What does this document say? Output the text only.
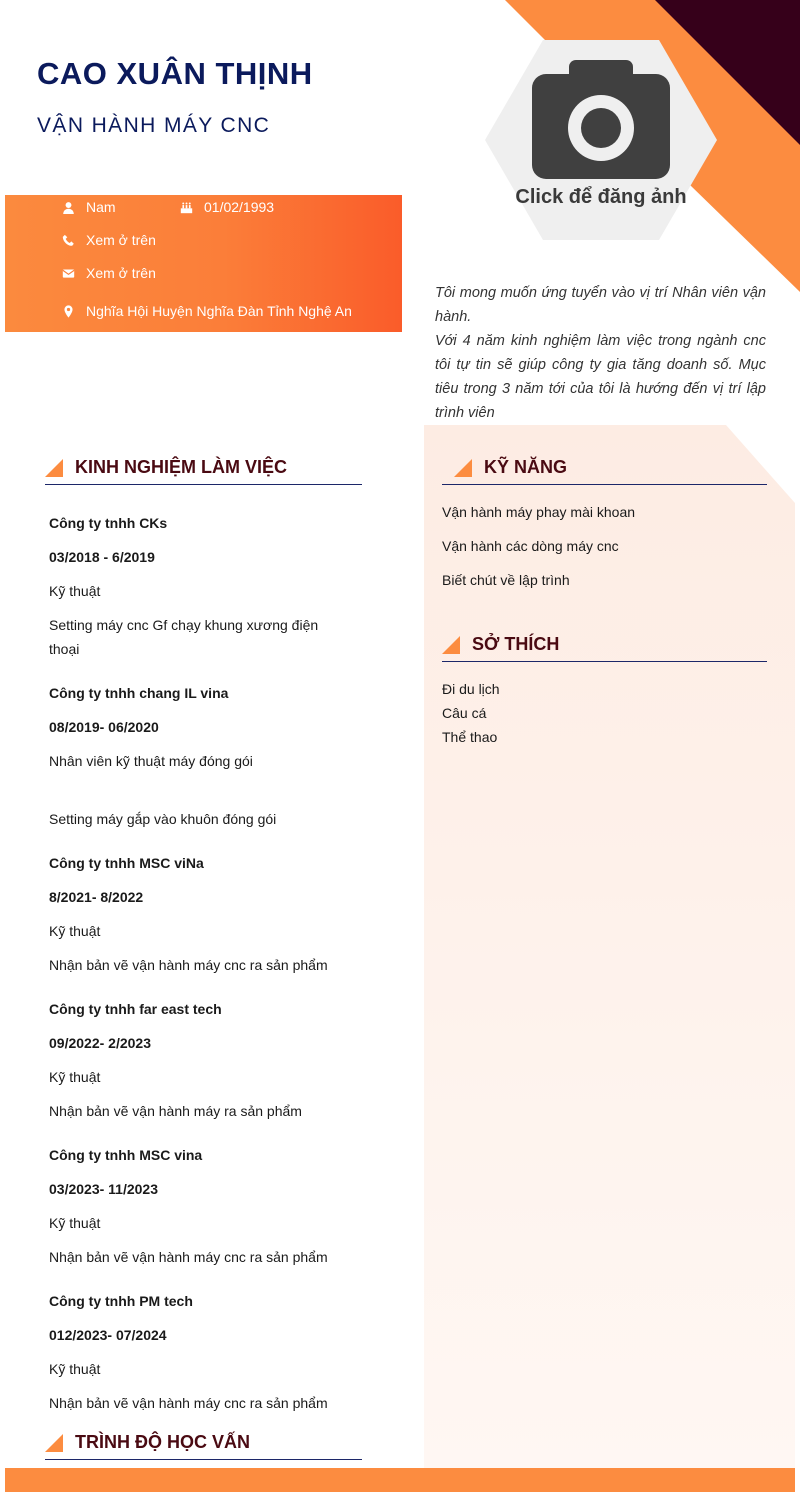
CAO XUÂN THỊNH
VẬN HÀNH MÁY CNC
Click để đăng ảnh
Nam	01/02/1993
Xem ở trên
Xem ở trên
Nghĩa Hội Huyện Nghĩa Đàn Tỉnh Nghệ An
Tôi mong muốn ứng tuyển vào vị trí Nhân viên vận hành.
Với 4 năm kinh nghiệm làm việc trong ngành cnc tôi tự tin sẽ giúp công ty gia tăng doanh số. Mục tiêu trong 3 năm tới của tôi là hướng đến vị trí lập trình viên
KINH NGHIỆM LÀM VIỆC
Công ty tnhh CKs
03/2018 - 6/2019
Kỹ thuật
Setting máy cnc Gf chạy khung xương điện thoại
Công ty tnhh chang IL vina
08/2019- 06/2020
Nhân viên kỹ thuật máy đóng gói
Setting máy gắp vào khuôn đóng gói
Công ty tnhh MSC viNa
8/2021- 8/2022
Kỹ thuật
Nhận bản vẽ vận hành máy cnc ra sản phẩm
Công ty tnhh far east tech
09/2022- 2/2023
Kỹ thuật
Nhận bản vẽ vận hành máy ra sản phẩm
Công ty tnhh MSC vina
03/2023- 11/2023
Kỹ thuật
Nhận bản vẽ vận hành máy cnc ra sản phẩm
Công ty tnhh PM tech
012/2023- 07/2024
Kỹ thuật
Nhận bản vẽ vận hành máy cnc ra sản phẩm
TRÌNH ĐỘ HỌC VẤN
KỸ NĂNG
Vận hành máy phay mài khoan
Vận hành các dòng máy cnc
Biết chút về lập trình
SỞ THÍCH
Đi du lịch
Câu cá
Thể thao
